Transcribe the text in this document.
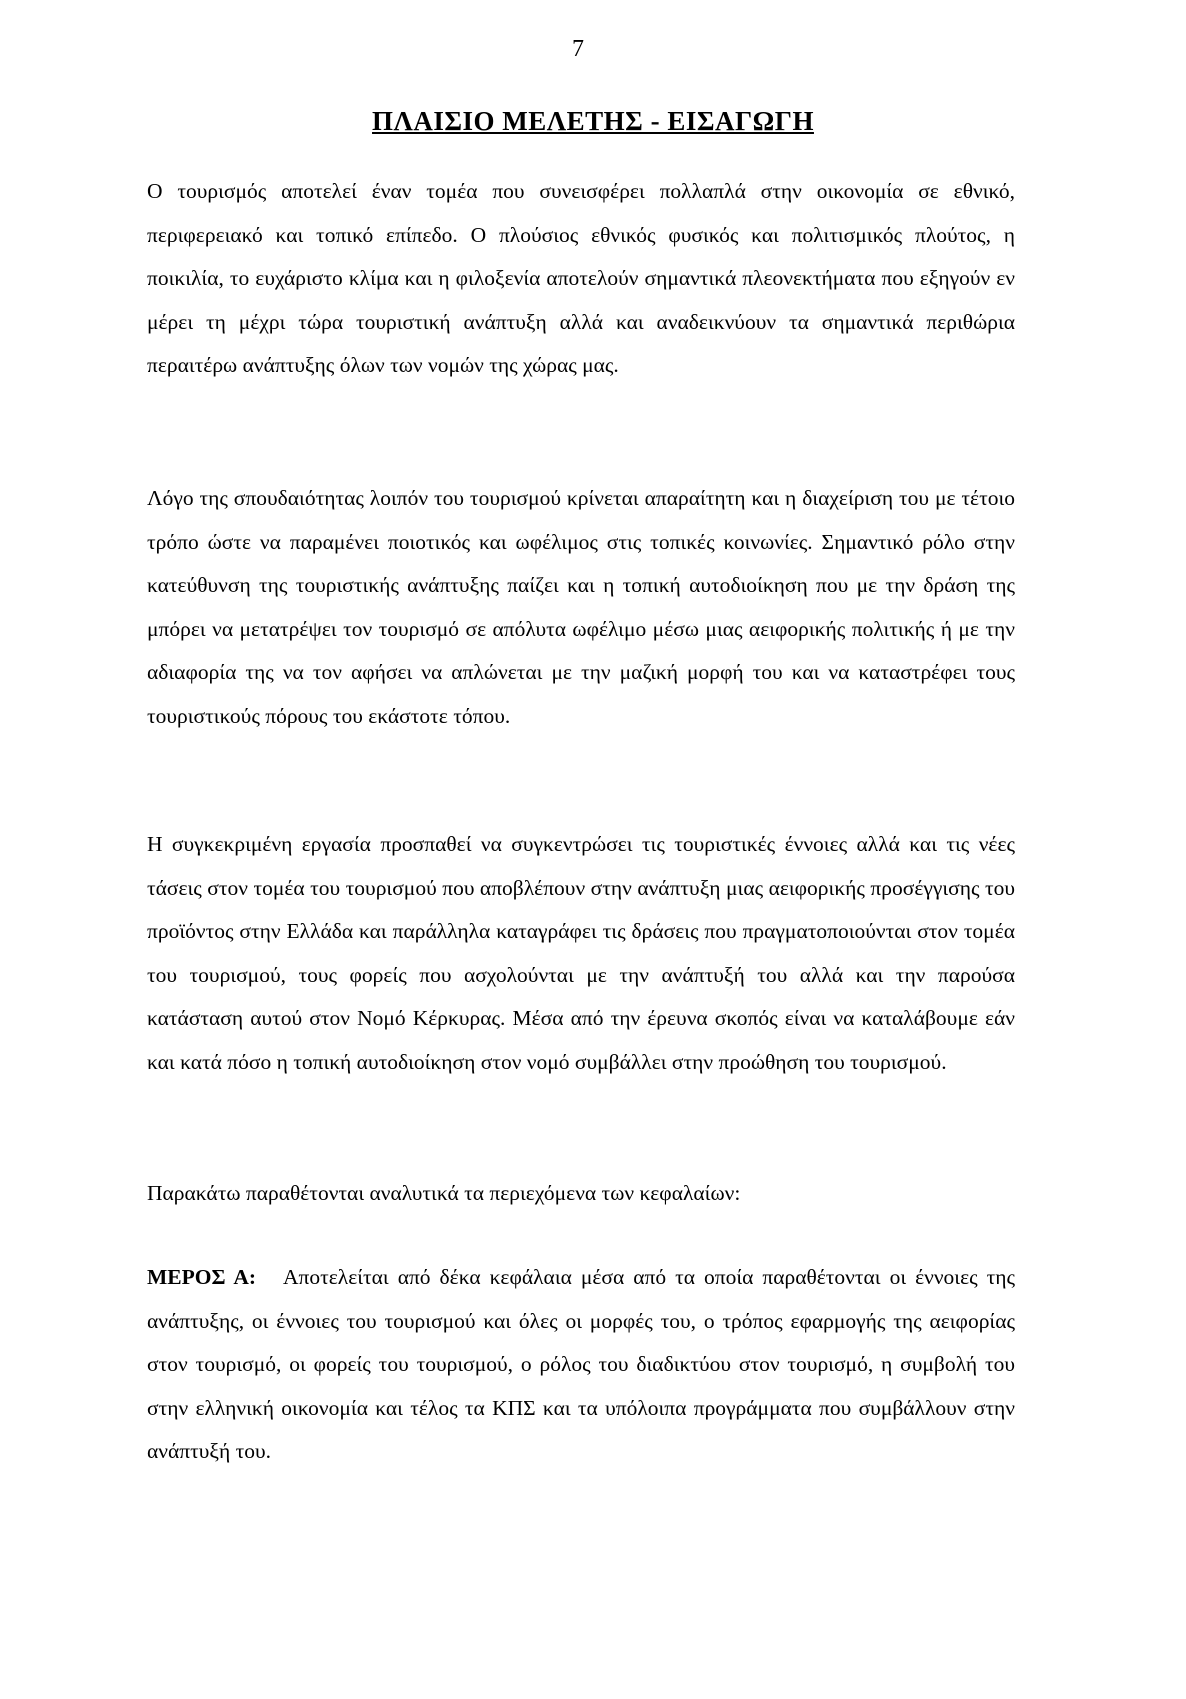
7
ΠΛΑΙΣΙΟ ΜΕΛΕΤΗΣ - ΕΙΣΑΓΩΓΗ

Ο τουρισμός αποτελεί έναν τομέα που συνεισφέρει πολλαπλά στην οικονομία σε εθνικό, περιφερειακό και τοπικό επίπεδο. Ο πλούσιος εθνικός φυσικός και πολιτισμικός πλούτος, η ποικιλία, το ευχάριστο κλίμα και η φιλοξενία αποτελούν σημαντικά πλεονεκτήματα που εξηγούν εν μέρει τη μέχρι τώρα τουριστική ανάπτυξη αλλά και αναδεικνύουν τα σημαντικά περιθώρια περαιτέρω ανάπτυξης όλων των νομών της χώρας μας.

Λόγο της σπουδαιότητας λοιπόν του τουρισμού κρίνεται απαραίτητη και η διαχείριση του με τέτοιο τρόπο ώστε να παραμένει ποιοτικός και ωφέλιμος στις τοπικές κοινωνίες. Σημαντικό ρόλο στην κατεύθυνση της τουριστικής ανάπτυξης παίζει και η τοπική αυτοδιοίκηση που με την δράση της μπόρει να μετατρέψει τον τουρισμό σε απόλυτα ωφέλιμο μέσω μιας αειφορικής πολιτικής ή με την αδιαφορία της να τον αφήσει να απλώνεται με την μαζική μορφή του και να καταστρέφει τους τουριστικούς πόρους του εκάστοτε τόπου.

Η συγκεκριμένη εργασία προσπαθεί να συγκεντρώσει τις τουριστικές έννοιες αλλά και τις νέες τάσεις στον τομέα του τουρισμού που αποβλέπουν στην ανάπτυξη μιας αειφορικής προσέγγισης του προϊόντος στην Ελλάδα και παράλληλα καταγράφει τις δράσεις που πραγματοποιούνται στον τομέα του τουρισμού, τους φορείς που ασχολούνται με την ανάπτυξή του αλλά και την παρούσα κατάσταση αυτού στον Νομό Κέρκυρας. Μέσα από την έρευνα σκοπός είναι να καταλάβουμε εάν και κατά πόσο η τοπική αυτοδιοίκηση στον νομό συμβάλλει στην προώθηση του τουρισμού.

Παρακάτω παραθέτονται αναλυτικά τα περιεχόμενα των κεφαλαίων:

ΜΕΡΟΣ Α: Αποτελείται από δέκα κεφάλαια μέσα από τα οποία παραθέτονται οι έννοιες της ανάπτυξης, οι έννοιες του τουρισμού και όλες οι μορφές του, ο τρόπος εφαρμογής της αειφορίας στον τουρισμό, οι φορείς του τουρισμού, ο ρόλος του διαδικτύου στον τουρισμό, η συμβολή του στην ελληνική οικονομία και τέλος τα ΚΠΣ και τα υπόλοιπα προγράμματα που συμβάλλουν στην ανάπτυξή του.
